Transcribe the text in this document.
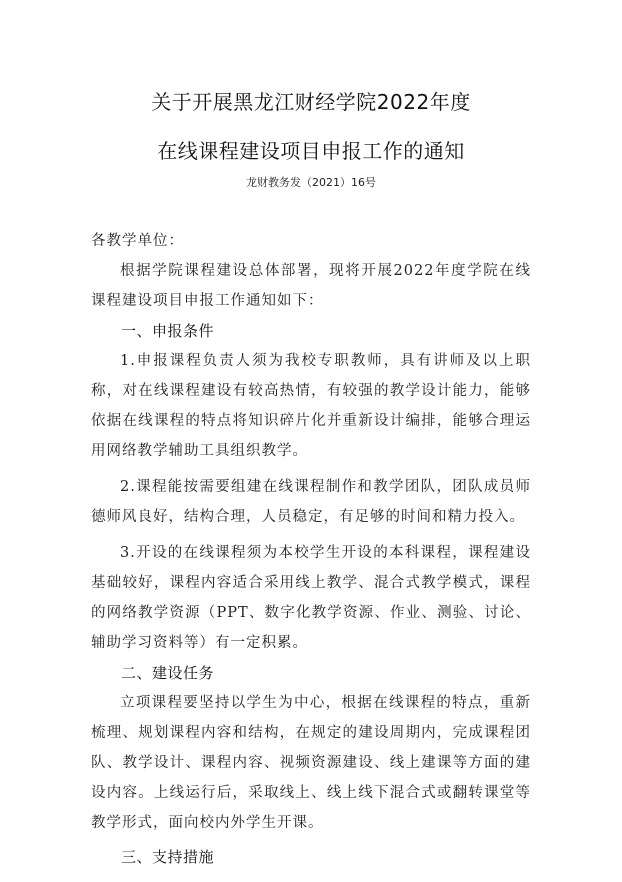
关于开展黑龙江财经学院2022年度
在线课程建设项目申报工作的通知
龙财教务发（2021）16号

各教学单位：

根据学院课程建设总体部署，现将开展2022年度学院在线课程建设项目申报工作通知如下：

一、申报条件

1.申报课程负责人须为我校专职教师，具有讲师及以上职称，对在线课程建设有较高热情，有较强的教学设计能力，能够依据在线课程的特点将知识碎片化并重新设计编排，能够合理运用网络教学辅助工具组织教学。

2.课程能按需要组建在线课程制作和教学团队，团队成员师德师风良好，结构合理，人员稳定，有足够的时间和精力投入。

3.开设的在线课程须为本校学生开设的本科课程，课程建设基础较好，课程内容适合采用线上教学、混合式教学模式，课程的网络教学资源（PPT、数字化教学资源、作业、测验、讨论、辅助学习资料等）有一定积累。

二、建设任务

立项课程要坚持以学生为中心，根据在线课程的特点，重新梳理、规划课程内容和结构，在规定的建设周期内，完成课程团队、教学设计、课程内容、视频资源建设、线上建课等方面的建设内容。上线运行后，采取线上、线上线下混合式或翻转课堂等教学形式，面向校内外学生开课。

三、支持措施
